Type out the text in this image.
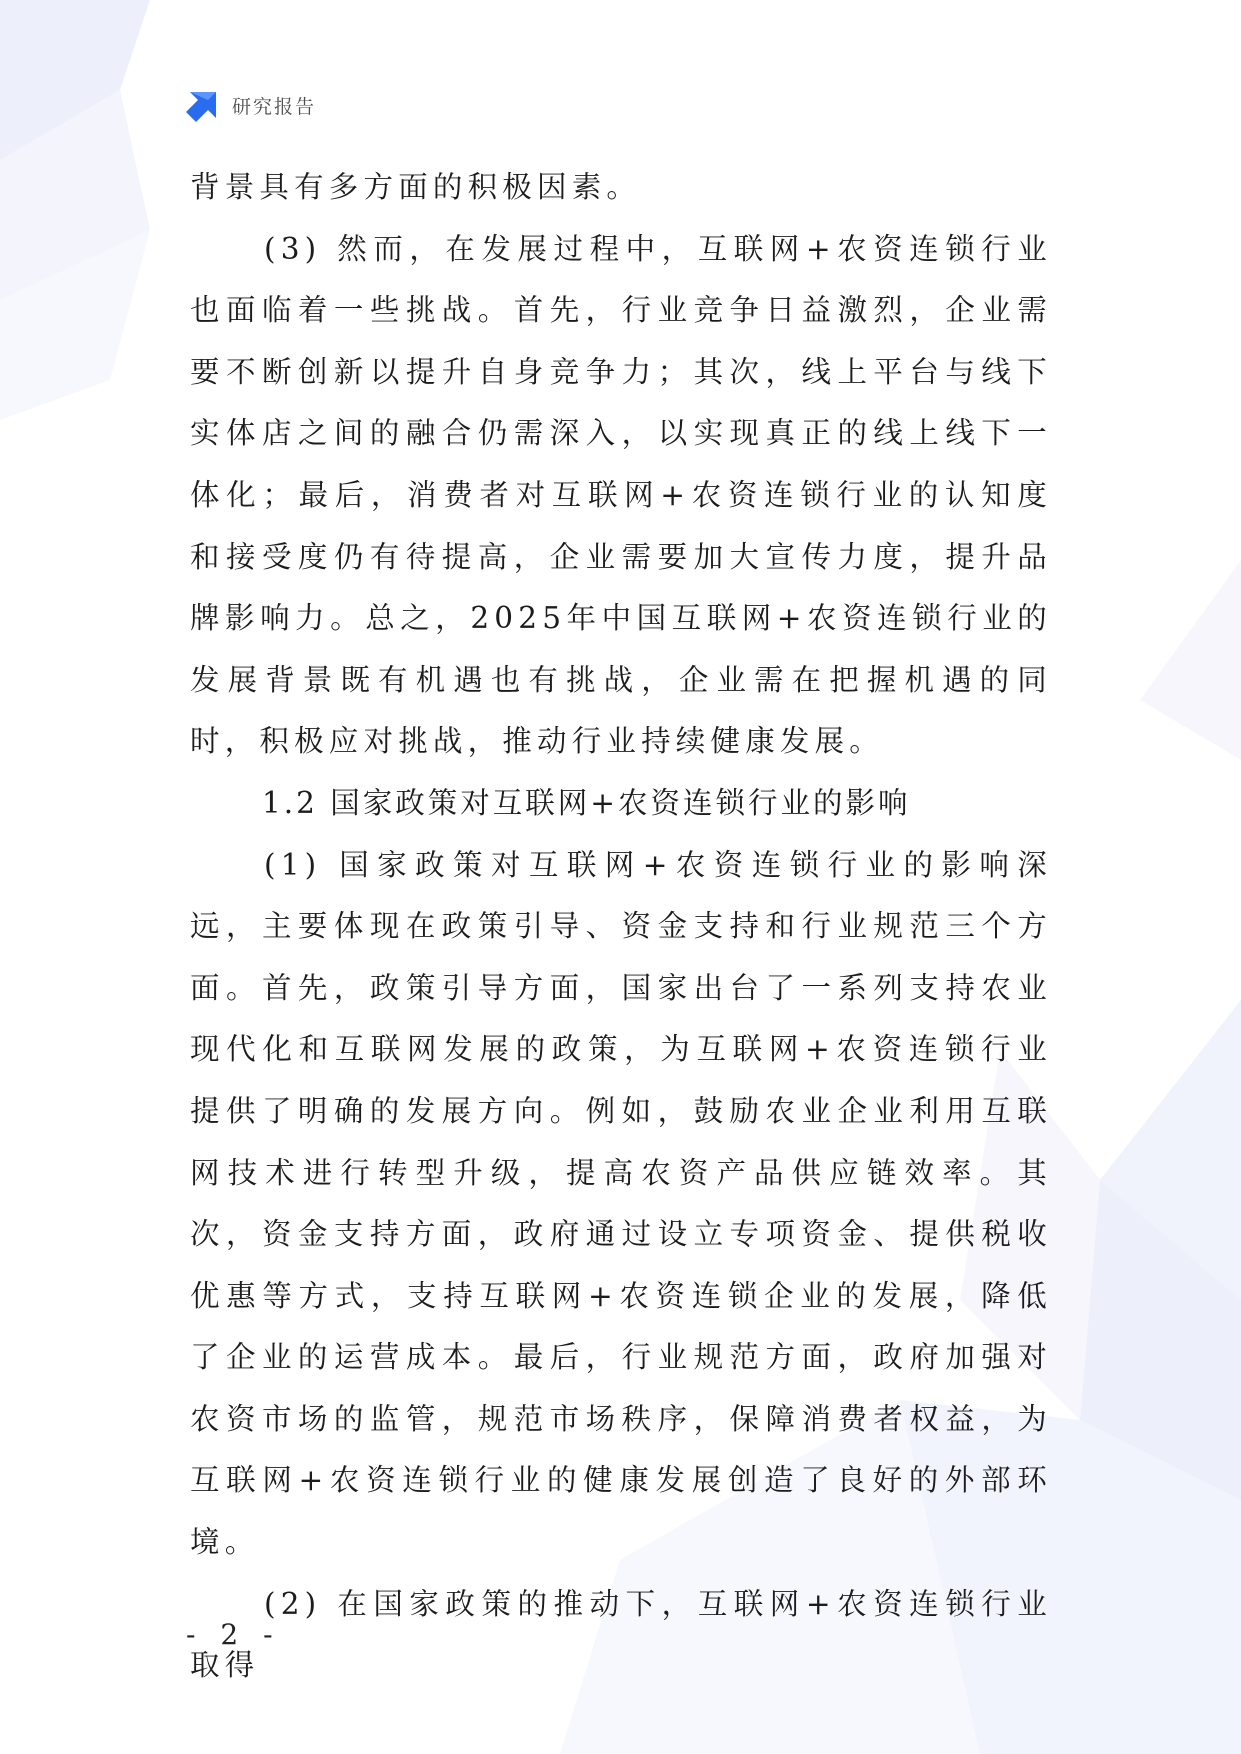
研究报告

背景具有多方面的积极因素。

(3) 然而，在发展过程中，互联网+农资连锁行业也面临着一些挑战。首先，行业竞争日益激烈，企业需要不断创新以提升自身竞争力；其次，线上平台与线下实体店之间的融合仍需深入，以实现真正的线上线下一体化；最后，消费者对互联网+农资连锁行业的认知度和接受度仍有待提高，企业需要加大宣传力度，提升品牌影响力。总之，2025年中国互联网+农资连锁行业的发展背景既有机遇也有挑战，企业需在把握机遇的同时，积极应对挑战，推动行业持续健康发展。

1.2 国家政策对互联网+农资连锁行业的影响

(1) 国家政策对互联网+农资连锁行业的影响深远，主要体现在政策引导、资金支持和行业规范三个方面。首先，政策引导方面，国家出台了一系列支持农业现代化和互联网发展的政策，为互联网+农资连锁行业提供了明确的发展方向。例如，鼓励农业企业利用互联网技术进行转型升级，提高农资产品供应链效率。其次，资金支持方面，政府通过设立专项资金、提供税收优惠等方式，支持互联网+农资连锁企业的发展，降低了企业的运营成本。最后，行业规范方面，政府加强对农资市场的监管，规范市场秩序，保障消费者权益，为互联网+农资连锁行业的健康发展创造了良好的外部环境。

(2) 在国家政策的推动下，互联网+农资连锁行业取得

- 2 -
